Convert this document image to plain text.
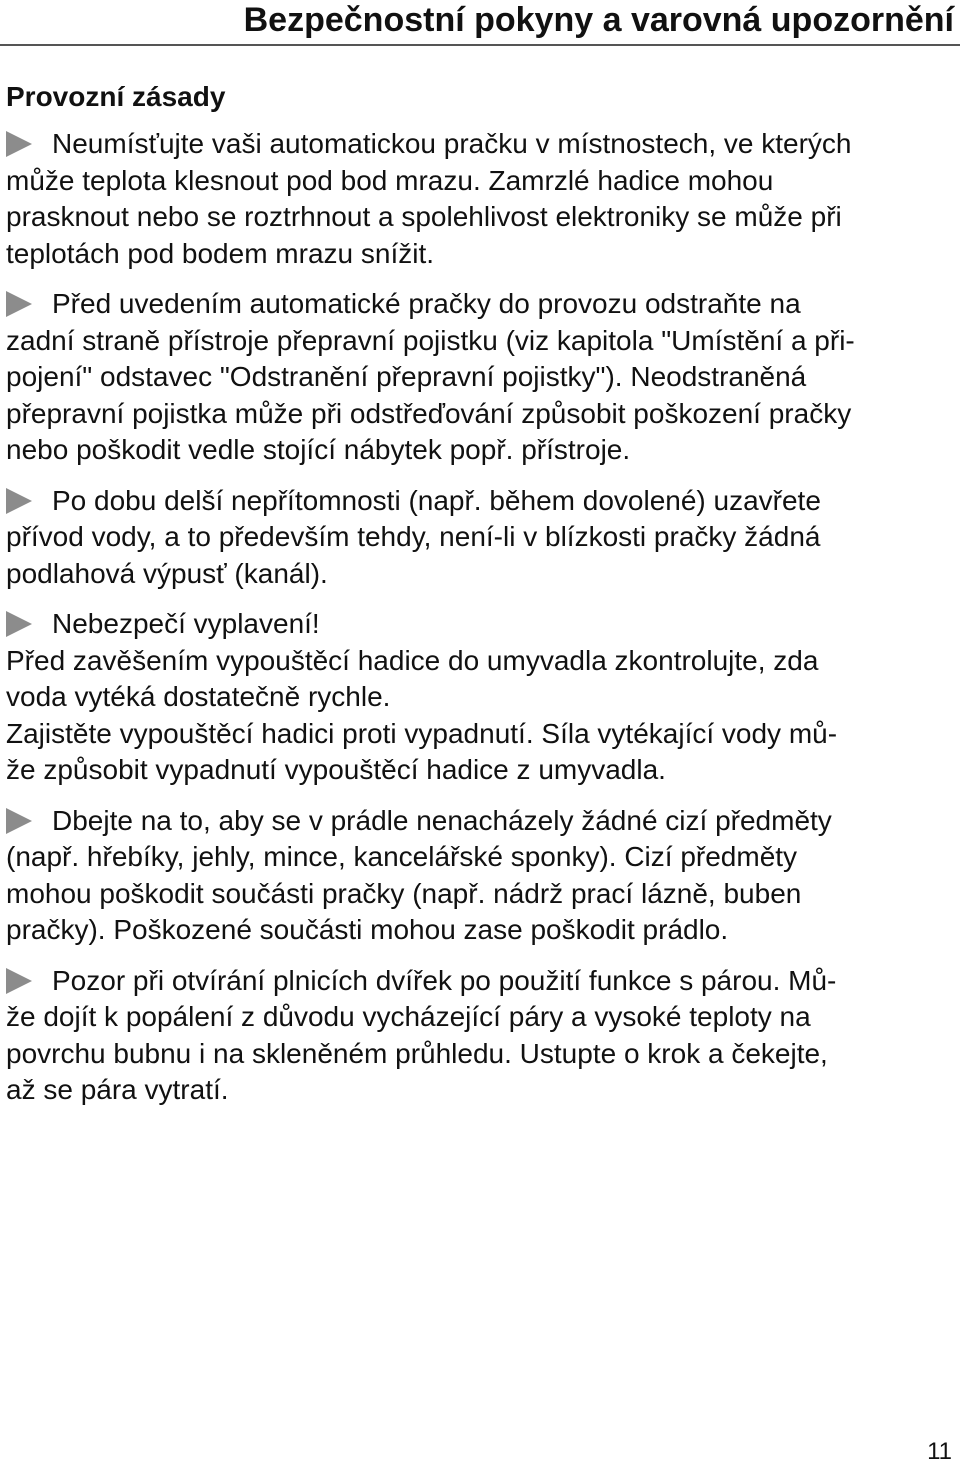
Bezpečnostní pokyny a varovná upozornění
Provozní zásady
Neumísťujte vaši automatickou pračku v místnostech, ve kterých
může teplota klesnout pod bod mrazu. Zamrzlé hadice mohou
prasknout nebo se roztrhnout a spolehlivost elektroniky se může při
teplotách pod bodem mrazu snížit.
Před uvedením automatické pračky do provozu odstraňte na
zadní straně přístroje přepravní pojistku (viz kapitola "Umístění a při-
pojení" odstavec "Odstranění přepravní pojistky"). Neodstraněná
přepravní pojistka může při odstřeďování způsobit poškození pračky
nebo poškodit vedle stojící nábytek popř. přístroje.
Po dobu delší nepřítomnosti (např. během dovolené) uzavřete
přívod vody, a to především tehdy, není-li v blízkosti pračky žádná
podlahová výpusť (kanál).
Nebezpečí vyplavení!
Před zavěšením vypouštěcí hadice do umyvadla zkontrolujte, zda
voda vytéká dostatečně rychle.
Zajistěte vypouštěcí hadici proti vypadnutí. Síla vytékající vody mů-
že způsobit vypadnutí vypouštěcí hadice z umyvadla.
Dbejte na to, aby se v prádle nenacházely žádné cizí předměty
(např. hřebíky, jehly, mince, kancelářské sponky). Cizí předměty
mohou poškodit součásti pračky (např. nádrž prací lázně, buben
pračky). Poškozené součásti mohou zase poškodit prádlo.
Pozor při otvírání plnicích dvířek po použití funkce s párou. Mů-
že dojít k popálení z důvodu vycházející páry a vysoké teploty na
povrchu bubnu i na skleněném průhledu. Ustupte o krok a čekejte,
až se pára vytratí.
11
